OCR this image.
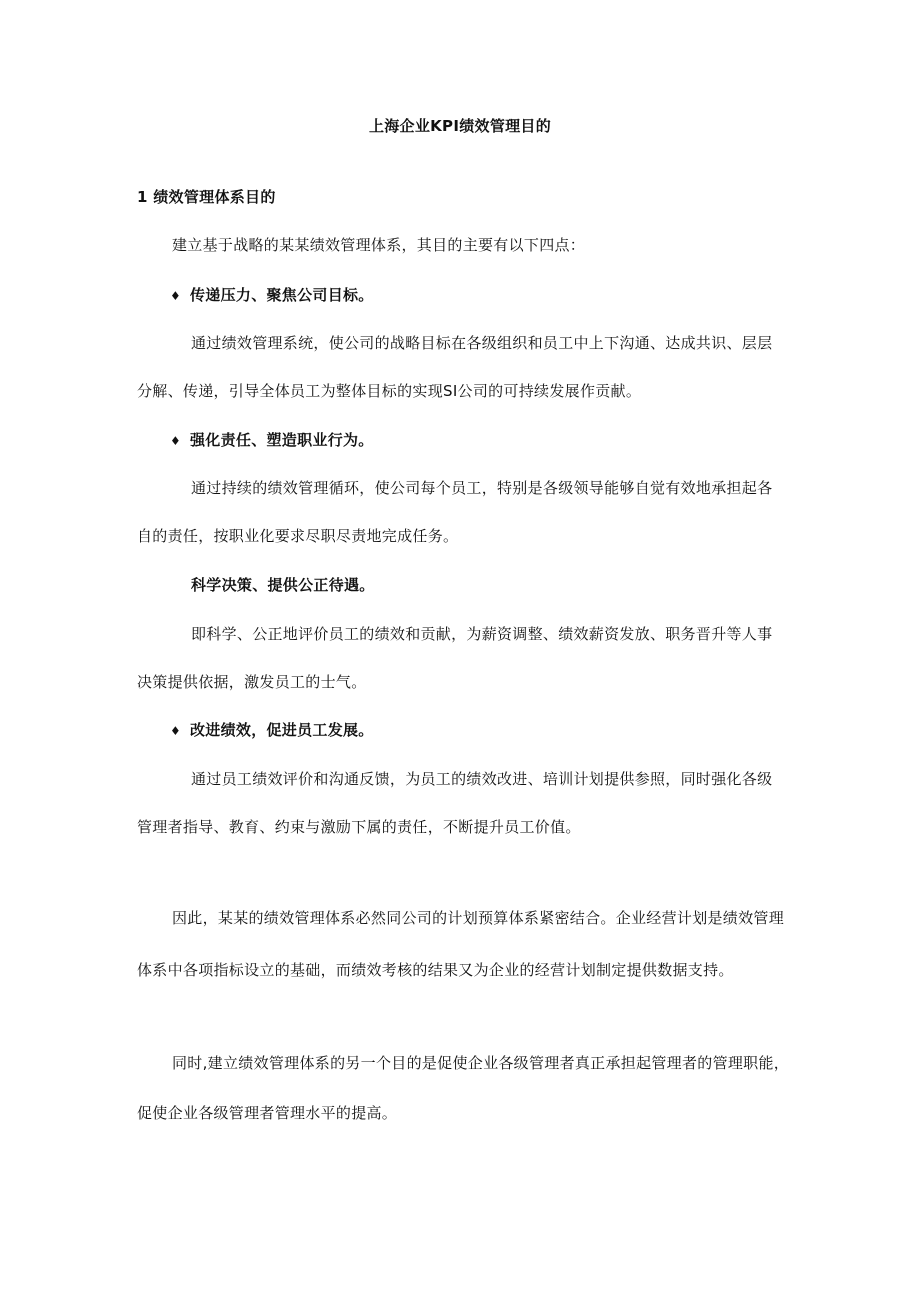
上海企业KPI绩效管理目的
1 绩效管理体系目的
建立基于战略的某某绩效管理体系，其目的主要有以下四点：
♦ 传递压力、聚焦公司目标。
通过绩效管理系统，使公司的战略目标在各级组织和员工中上下沟通、达成共识、层层
分解、传递，引导全体员工为整体目标的实现SI公司的可持续发展作贡献。
♦ 强化责任、塑造职业行为。
通过持续的绩效管理循环，使公司每个员工，特别是各级领导能够自觉有效地承担起各
自的责任，按职业化要求尽职尽责地完成任务。
科学决策、提供公正待遇。
即科学、公正地评价员工的绩效和贡献，为薪资调整、绩效薪资发放、职务晋升等人事
决策提供依据，激发员工的士气。
♦ 改进绩效，促进员工发展。
通过员工绩效评价和沟通反馈，为员工的绩效改进、培训计划提供参照，同时强化各级
管理者指导、教育、约束与激励下属的责任，不断提升员工价值。
因此，某某的绩效管理体系必然同公司的计划预算体系紧密结合。企业经营计划是绩效管理
体系中各项指标设立的基础，而绩效考核的结果又为企业的经营计划制定提供数据支持。
同时,建立绩效管理体系的另一个目的是促使企业各级管理者真正承担起管理者的管理职能，
促使企业各级管理者管理水平的提高。
